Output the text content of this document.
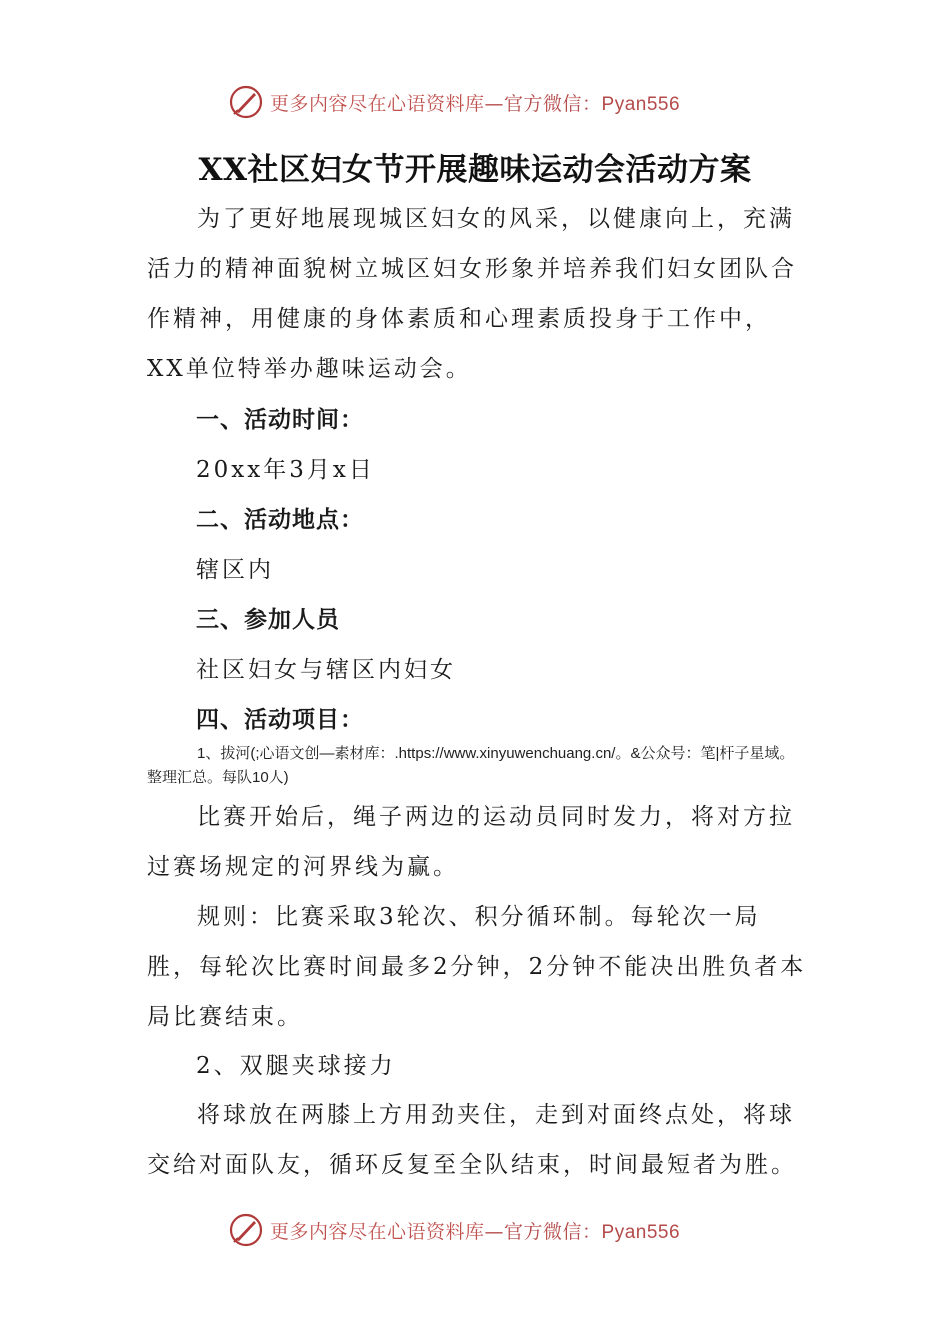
更多内容尽在心语资料库—官方微信：Pyan556
XX社区妇女节开展趣味运动会活动方案

为了更好地展现城区妇女的风采，以健康向上，充满活力的精神面貌树立城区妇女形象并培养我们妇女团队合作精神，用健康的身体素质和心理素质投身于工作中，XX单位特举办趣味运动会。

一、活动时间：
20xx年3月x日
二、活动地点：
辖区内
三、参加人员
社区妇女与辖区内妇女
四、活动项目：
1、拔河(;心语文创—素材库：.https://www.xinyuwenchuang.cn/。&公众号：笔|杆子星域。整理汇总。每队10人)

比赛开始后，绳子两边的运动员同时发力，将对方拉过赛场规定的河界线为赢。

规则：比赛采取3轮次、积分循环制。每轮次一局胜，每轮次比赛时间最多2分钟，2分钟不能决出胜负者本局比赛结束。

2、双腿夹球接力

将球放在两膝上方用劲夹住，走到对面终点处，将球交给对面队友，循环反复至全队结束，时间最短者为胜。

更多内容尽在心语资料库—官方微信：Pyan556
